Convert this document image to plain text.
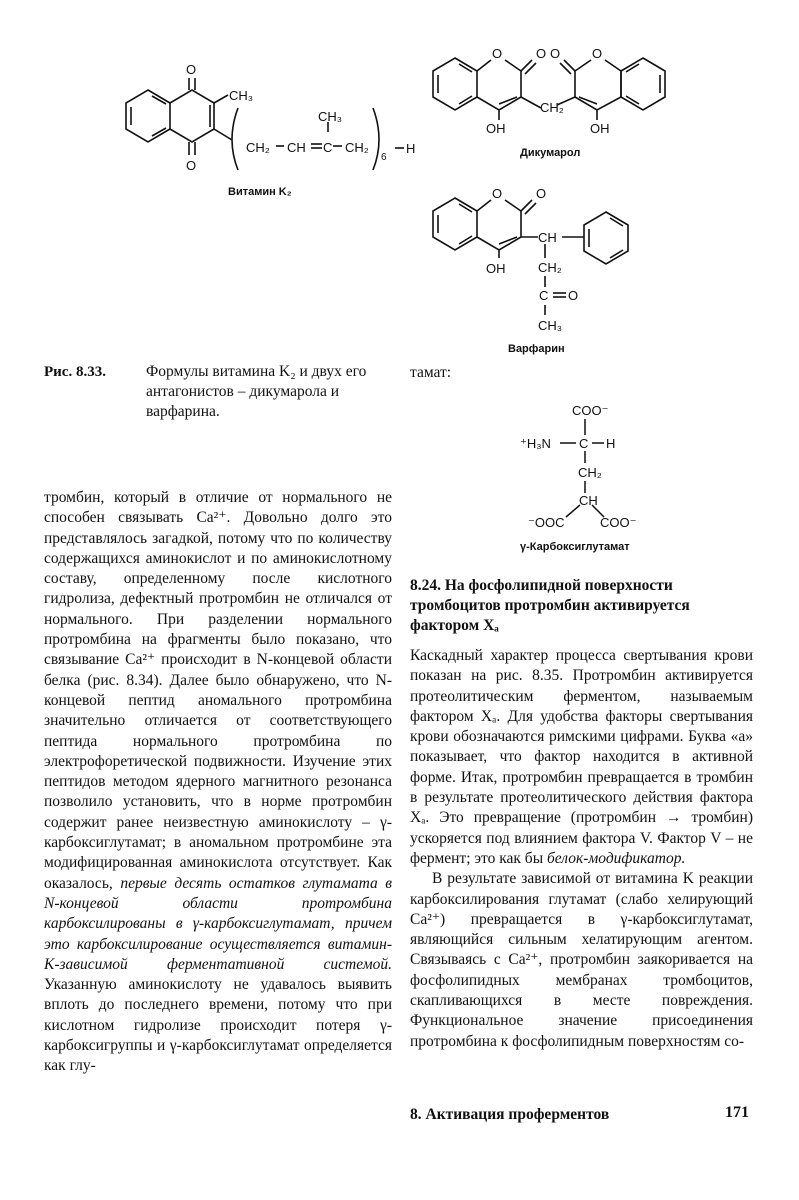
O
O
CH₃
CH₃
CH₂ CH C CH₂
6
H
Витамин K₂
O	O
OH
CH₂
O O
OH
Дикумарол
O	O
CH
OH	CH₂
C O
CH₃
Варфарин
COO⁻
⁺H₃N C H
CH₂
CH
⁻OOC	COO⁻
γ-Карбоксиглутамат
Рис. 8.33.	Формулы витамина K₂ и двух его антагонистов – дикумарола и варфарина.
тамат:

тромбин, который в отличие от нормального не способен связывать Ca²⁺. Довольно долго это представлялось загадкой, потому что по количеству содержащихся аминокислот и по аминокислотному составу, определенному после кислотного гидролиза, дефектный протромбин не отличался от нормального. При разделении нормального протромбина на фрагменты было показано, что связывание Ca²⁺ происходит в N-концевой области белка (рис. 8.34). Далее было обнаружено, что N-концевой пептид аномального протромбина значительно отличается от соответствующего пептида нормального протромбина по электрофоретической подвижности. Изучение этих пептидов методом ядерного магнитного резонанса позволило установить, что в норме протромбин содержит ранее неизвестную аминокислоту – γ-карбоксиглутамат; в аномальном протромбине эта модифицированная аминокислота отсутствует. Как оказалось, первые десять остатков глутамата в N-концевой области протромбина карбоксилированы в γ-карбоксиглутамат, причем это карбоксилирование осуществляется витамин-K-зависимой ферментативной системой. Указанную аминокислоту не удавалось выявить вплоть до последнего времени, потому что при кислотном гидролизе происходит потеря γ-карбоксигруппы и γ-карбоксиглутамат определяется как глу-

8.24. На фосфолипидной поверхности тромбоцитов протромбин активируется фактором Xₐ

Каскадный характер процесса свертывания крови показан на рис. 8.35. Протромбин активируется протеолитическим ферментом, называемым фактором Xₐ. Для удобства факторы свертывания крови обозначаются римскими цифрами. Буква «а» показывает, что фактор находится в активной форме. Итак, протромбин превращается в тромбин в результате протеолитического действия фактора Xₐ. Это превращение (протромбин → тромбин) ускоряется под влиянием фактора V. Фактор V – не фермент; это как бы белок-модификатор.

В результате зависимой от витамина K реакции карбоксилирования глутамат (слабо хелирующий Ca²⁺) превращается в γ-карбоксиглутамат, являющийся сильным хелатирующим агентом. Связываясь с Ca²⁺, протромбин заякоривается на фосфолипидных мембранах тромбоцитов, скапливающихся в месте повреждения. Функциональное значение присоединения протромбина к фосфолипидным поверхностям со-

8. Активация проферментов	171
